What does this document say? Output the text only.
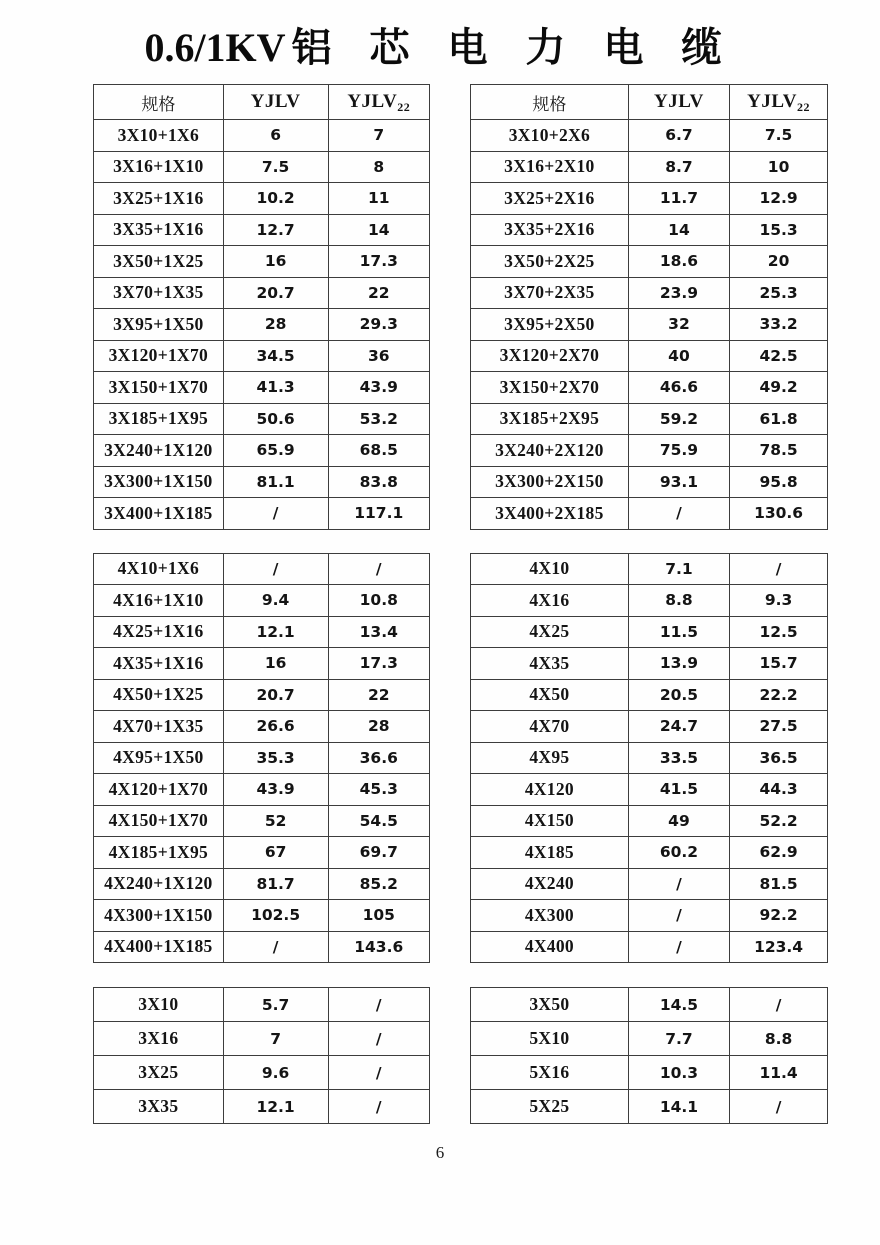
0.6/1KV 铝 芯 电 力 电 缆
规格	YJLV	$YJLV_{22}$
3X10+1X6	6	7
3X16+1X10	7.5	8
3X25+1X16	10.2	11
3X35+1X16	12.7	14
3X50+1X25	16	17.3
3X70+1X35	20.7	22
3X95+1X50	28	29.3
3X120+1X70	34.5	36
3X150+1X70	41.3	43.9
3X185+1X95	50.6	53.2
3X240+1X120	65.9	68.5
3X300+1X150	81.1	83.8
3X400+1X185	/	117.1
4X10+1X6	/	/
4X16+1X10	9.4	10.8
4X25+1X16	12.1	13.4
4X35+1X16	16	17.3
4X50+1X25	20.7	22
4X70+1X35	26.6	28
4X95+1X50	35.3	36.6
4X120+1X70	43.9	45.3
4X150+1X70	52	54.5
4X185+1X95	67	69.7
4X240+1X120	81.7	85.2
4X300+1X150	102.5	105
4X400+1X185	/	143.6
3X10	5.7	/
3X16	7	/
3X25	9.6	/
3X35	12.1	/
规格	YJLV	$YJLV_{22}$
3X10+2X6	6.7	7.5
3X16+2X10	8.7	10
3X25+2X16	11.7	12.9
3X35+2X16	14	15.3
3X50+2X25	18.6	20
3X70+2X35	23.9	25.3
3X95+2X50	32	33.2
3X120+2X70	40	42.5
3X150+2X70	46.6	49.2
3X185+2X95	59.2	61.8
3X240+2X120	75.9	78.5
3X300+2X150	93.1	95.8
3X400+2X185	/	130.6
4X10	7.1	/
4X16	8.8	9.3
4X25	11.5	12.5
4X35	13.9	15.7
4X50	20.5	22.2
4X70	24.7	27.5
4X95	33.5	36.5
4X120	41.5	44.3
4X150	49	52.2
4X185	60.2	62.9
4X240	/	81.5
4X300	/	92.2
4X400	/	123.4
3X50	14.5	/
5X10	7.7	8.8
5X16	10.3	11.4
5X25	14.1	/
6
